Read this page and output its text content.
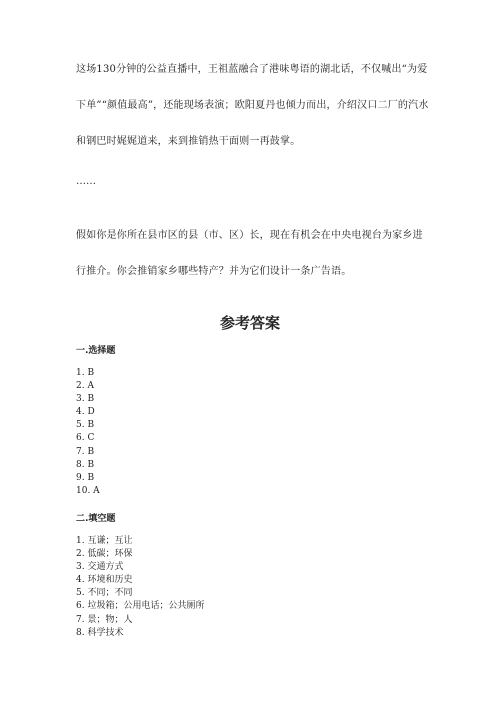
这场130分钟的公益直播中，王祖蓝融合了港味粤语的湖北话，不仅喊出“为爱下单”“颜值最高”，还能现场表演；欧阳夏丹也倾力而出，介绍汉口二厂的汽水和钢巴时娓娓道来，来到推销热干面则一再鼓掌。

……

假如你是你所在县市区的县（市、区）长，现在有机会在中央电视台为家乡进行推介。你会推销家乡哪些特产？并为它们设计一条广告语。

参考答案
一.选择题
1. B
2. A
3. B
4. D
5. B
6. C
7. B
8. B
9. B
10. A
二.填空题
1. 互谦；互让
2. 低碳；环保
3. 交通方式
4. 环境和历史
5. 不同；不同
6. 垃圾箱；公用电话；公共厕所
7. 景；物；人
8. 科学技术
